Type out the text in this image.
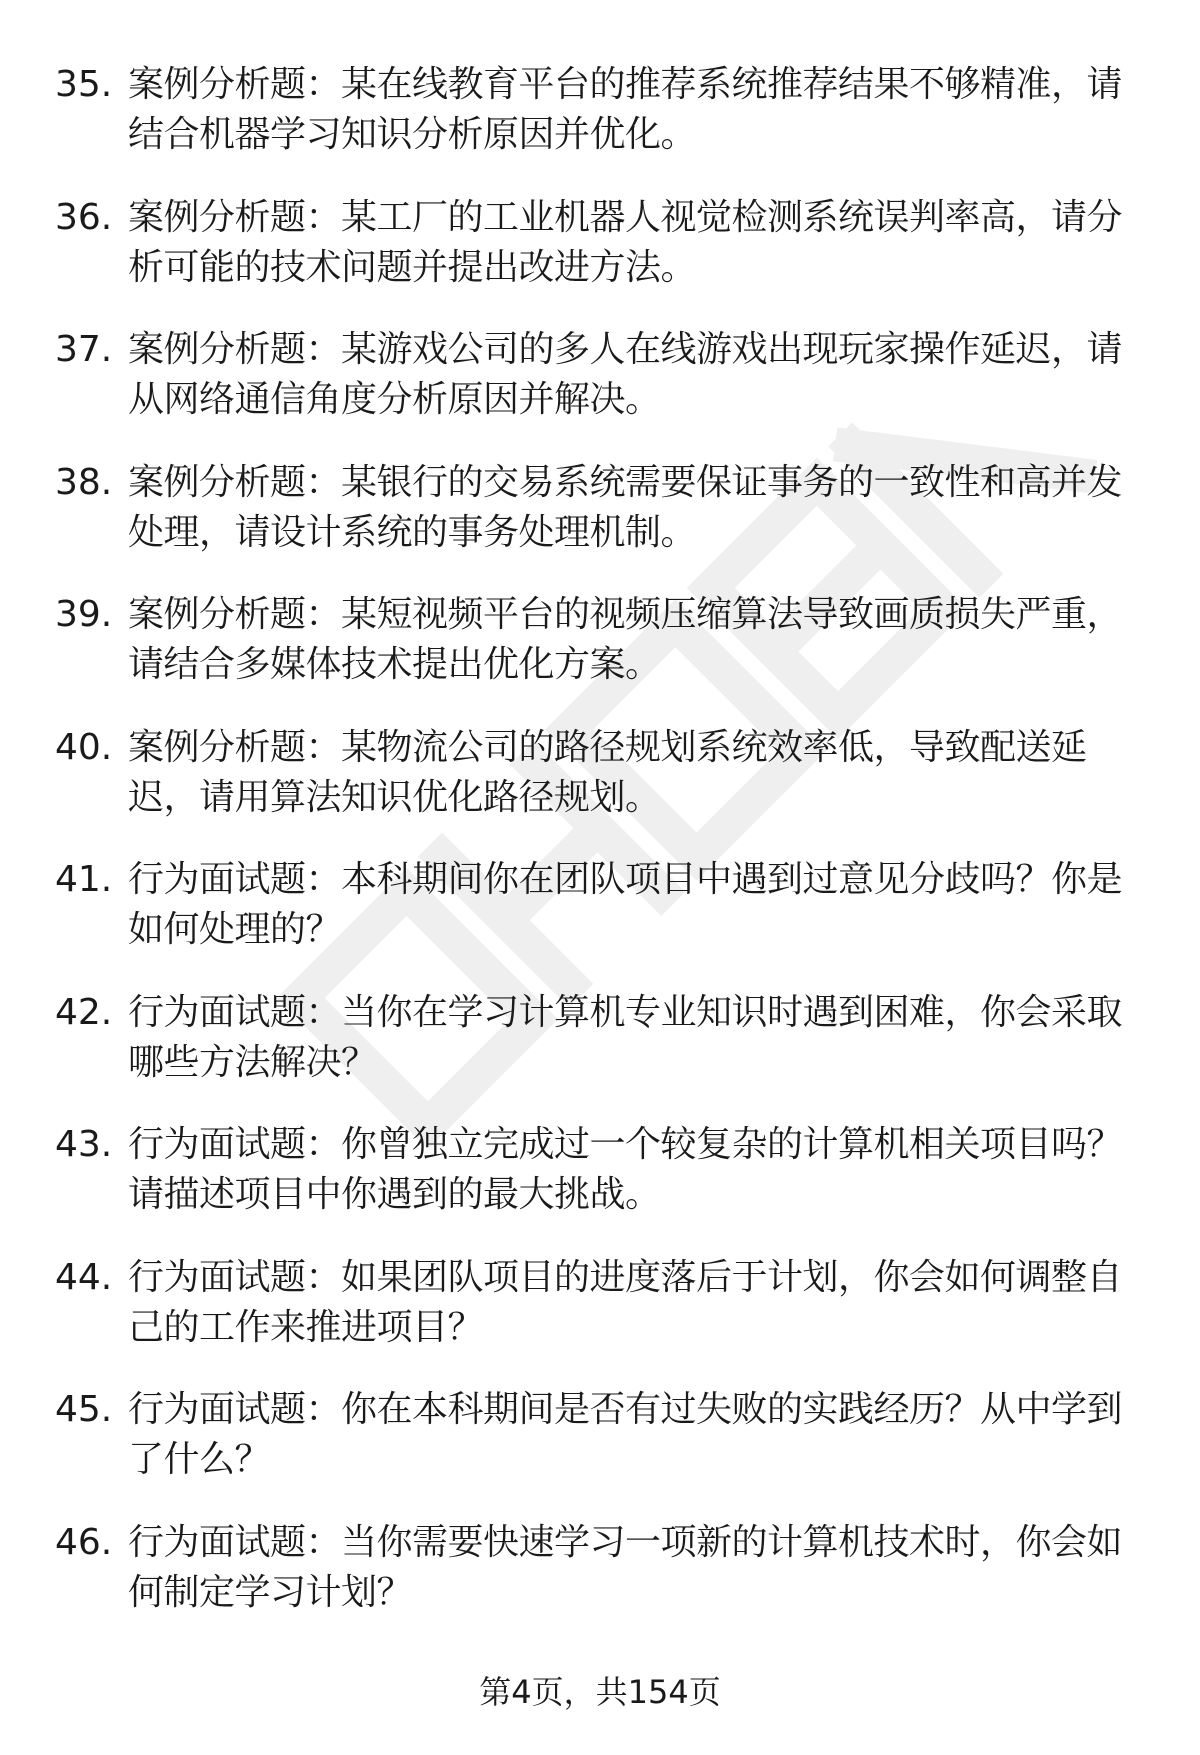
35. 案例分析题：某在线教育平台的推荐系统推荐结果不够精准，请
结合机器学习知识分析原因并优化。
36. 案例分析题：某工厂的工业机器人视觉检测系统误判率高，请分
析可能的技术问题并提出改进方法。
37. 案例分析题：某游戏公司的多人在线游戏出现玩家操作延迟，请
从网络通信角度分析原因并解决。
38. 案例分析题：某银行的交易系统需要保证事务的一致性和高并发
处理，请设计系统的事务处理机制。
39. 案例分析题：某短视频平台的视频压缩算法导致画质损失严重，
请结合多媒体技术提出优化方案。
40. 案例分析题：某物流公司的路径规划系统效率低，导致配送延
迟，请用算法知识优化路径规划。
41. 行为面试题：本科期间你在团队项目中遇到过意见分歧吗？你是
如何处理的？
42. 行为面试题：当你在学习计算机专业知识时遇到困难，你会采取
哪些方法解决？
43. 行为面试题：你曾独立完成过一个较复杂的计算机相关项目吗？
请描述项目中你遇到的最大挑战。
44. 行为面试题：如果团队项目的进度落后于计划，你会如何调整自
己的工作来推进项目？
45. 行为面试题：你在本科期间是否有过失败的实践经历？从中学到
了什么？
46. 行为面试题：当你需要快速学习一项新的计算机技术时，你会如
何制定学习计划？
第4页，共154页
